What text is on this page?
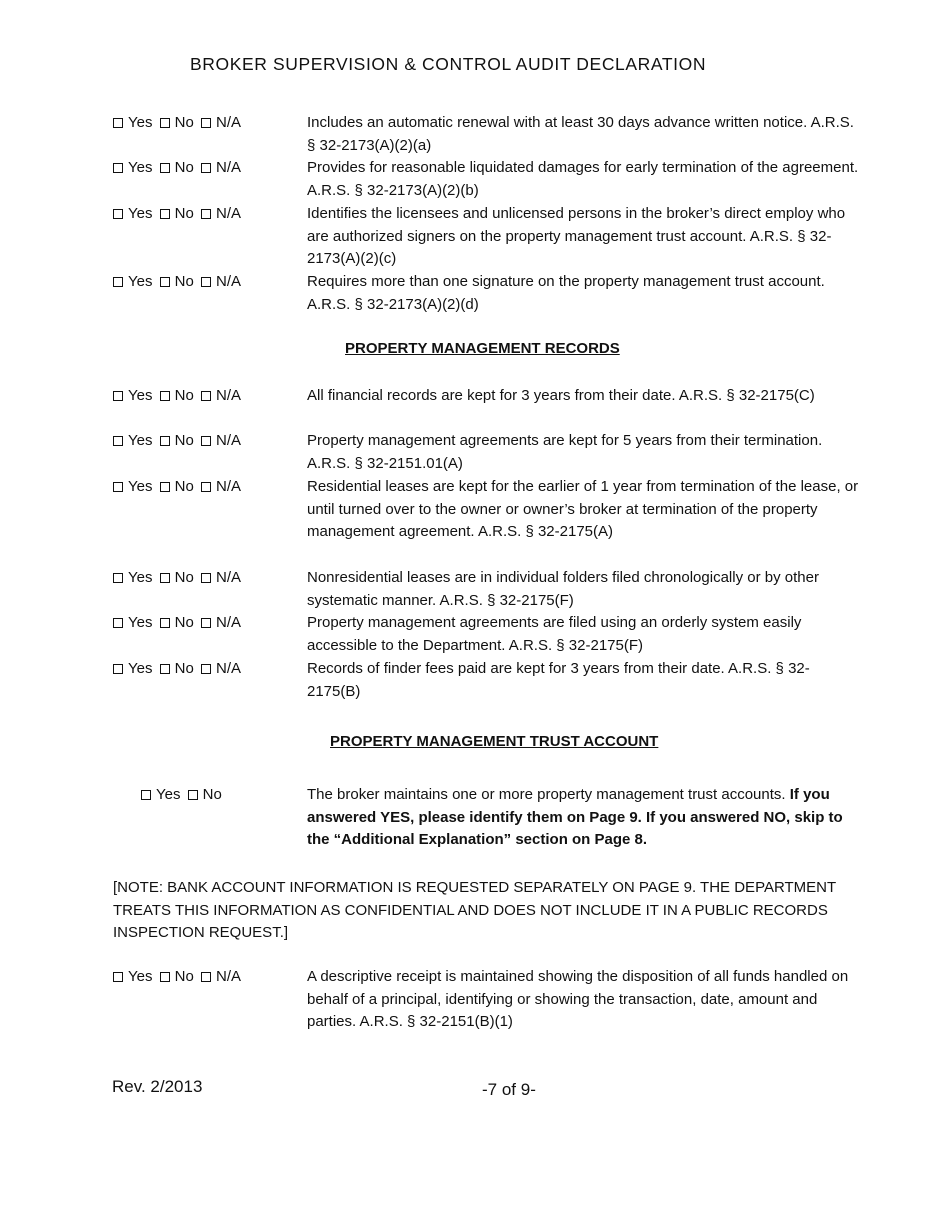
BROKER SUPERVISION & CONTROL AUDIT DECLARATION
Yes No N/A	Includes an automatic renewal with at least 30 days advance written notice. A.R.S. § 32-2173(A)(2)(a)
Yes No N/A	Provides for reasonable liquidated damages for early termination of the agreement. A.R.S. § 32-2173(A)(2)(b)
Yes No N/A	Identifies the licensees and unlicensed persons in the broker’s direct employ who are authorized signers on the property management trust account. A.R.S. § 32-2173(A)(2)(c)
Yes No N/A	Requires more than one signature on the property management trust account. A.R.S. § 32-2173(A)(2)(d)
PROPERTY MANAGEMENT RECORDS
Yes No N/A	All financial records are kept for 3 years from their date. A.R.S. § 32-2175(C)
Yes No N/A	Property management agreements are kept for 5 years from their termination. A.R.S. § 32-2151.01(A)
Yes No N/A	Residential leases are kept for the earlier of 1 year from termination of the lease, or until turned over to the owner or owner’s broker at termination of the property management agreement. A.R.S. § 32-2175(A)
Yes No N/A	Nonresidential leases are in individual folders filed chronologically or by other systematic manner. A.R.S. § 32-2175(F)
Yes No N/A	Property management agreements are filed using an orderly system easily accessible to the Department. A.R.S. § 32-2175(F)
Yes No N/A	Records of finder fees paid are kept for 3 years from their date. A.R.S. § 32-2175(B)
PROPERTY MANAGEMENT TRUST ACCOUNT
Yes No	The broker maintains one or more property management trust accounts. If you answered YES, please identify them on Page 9. If you answered NO, skip to the “Additional Explanation” section on Page 8.
[NOTE: BANK ACCOUNT INFORMATION IS REQUESTED SEPARATELY ON PAGE 9. THE DEPARTMENT TREATS THIS INFORMATION AS CONFIDENTIAL AND DOES NOT INCLUDE IT IN A PUBLIC RECORDS INSPECTION REQUEST.]
Yes No N/A	A descriptive receipt is maintained showing the disposition of all funds handled on behalf of a principal, identifying or showing the transaction, date, amount and parties. A.R.S. § 32-2151(B)(1)
Rev. 2/2013	-7 of 9-
